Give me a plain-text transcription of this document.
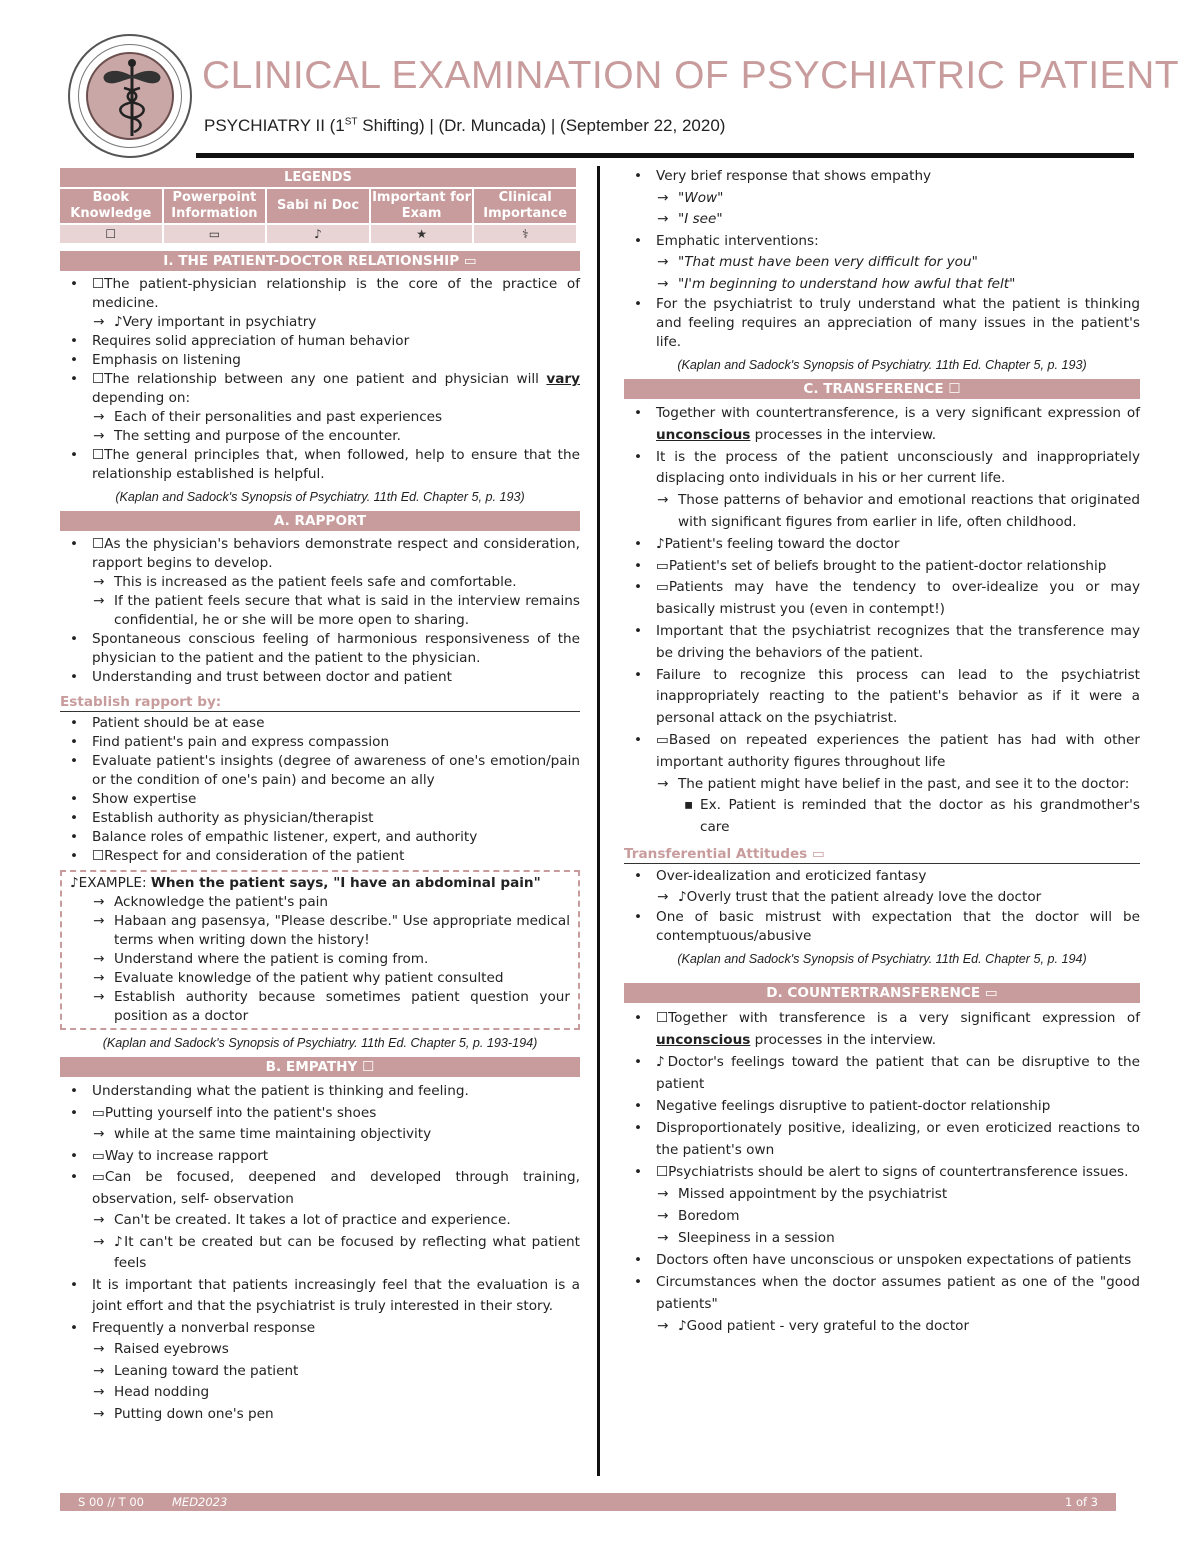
CLINICAL EXAMINATION OF PSYCHIATRIC PATIENT
PSYCHIATRY II (1ST Shifting) | (Dr. Muncada) | (September 22, 2020)
LEGENDS				
Book Knowledge	Powerpoint Information	Sabi ni Doc	Important for Exam	Clinical Importance
☐	▭	♪	★	⚕
I. THE PATIENT-DOCTOR RELATIONSHIP ▭
• ☐The patient-physician relationship is the core of the practice of medicine.
→ ♪Very important in psychiatry
• Requires solid appreciation of human behavior
• Emphasis on listening
• ☐The relationship between any one patient and physician will vary depending on:
→ Each of their personalities and past experiences
→ The setting and purpose of the encounter.
• ☐The general principles that, when followed, help to ensure that the relationship established is helpful.
(Kaplan and Sadock's Synopsis of Psychiatry. 11th Ed. Chapter 5, p. 193)
A. RAPPORT
• ☐As the physician's behaviors demonstrate respect and consideration, rapport begins to develop.
→ This is increased as the patient feels safe and comfortable.
→ If the patient feels secure that what is said in the interview remains confidential, he or she will be more open to sharing.
• Spontaneous conscious feeling of harmonious responsiveness of the physician to the patient and the patient to the physician.
• Understanding and trust between doctor and patient
Establish rapport by:
• Patient should be at ease
• Find patient's pain and express compassion
• Evaluate patient's insights (degree of awareness of one's emotion/pain or the condition of one's pain) and become an ally
• Show expertise
• Establish authority as physician/therapist
• Balance roles of empathic listener, expert, and authority
• ☐Respect for and consideration of the patient
♪EXAMPLE: When the patient says, "I have an abdominal pain"
→ Acknowledge the patient's pain
→ Habaan ang pasensya, "Please describe." Use appropriate medical terms when writing down the history!
→ Understand where the patient is coming from.
→ Evaluate knowledge of the patient why patient consulted
→ Establish authority because sometimes patient question your position as a doctor
(Kaplan and Sadock's Synopsis of Psychiatry. 11th Ed. Chapter 5, p. 193-194)
B. EMPATHY ☐
• Understanding what the patient is thinking and feeling.
• ▭Putting yourself into the patient's shoes
→ while at the same time maintaining objectivity
• ▭Way to increase rapport
• ▭Can be focused, deepened and developed through training, observation, self- observation
→ Can't be created. It takes a lot of practice and experience.
→ ♪It can't be created but can be focused by reflecting what patient feels
• It is important that patients increasingly feel that the evaluation is a joint effort and that the psychiatrist is truly interested in their story.
• Frequently a nonverbal response
→ Raised eyebrows
→ Leaning toward the patient
→ Head nodding
→ Putting down one's pen
• Very brief response that shows empathy
→ "Wow"
→ "I see"
• Emphatic interventions:
→ "That must have been very difficult for you"
→ "I'm beginning to understand how awful that felt"
• For the psychiatrist to truly understand what the patient is thinking and feeling requires an appreciation of many issues in the patient's life.
(Kaplan and Sadock's Synopsis of Psychiatry. 11th Ed. Chapter 5, p. 193)
C. TRANSFERENCE ☐
• Together with countertransference, is a very significant expression of unconscious processes in the interview.
• It is the process of the patient unconsciously and inappropriately displacing onto individuals in his or her current life.
→ Those patterns of behavior and emotional reactions that originated with significant figures from earlier in life, often childhood.
• ♪Patient's feeling toward the doctor
• ▭Patient's set of beliefs brought to the patient-doctor relationship
• ▭Patients may have the tendency to over-idealize you or may basically mistrust you (even in contempt!)
• Important that the psychiatrist recognizes that the transference may be driving the behaviors of the patient.
• Failure to recognize this process can lead to the psychiatrist inappropriately reacting to the patient's behavior as if it were a personal attack on the psychiatrist.
• ▭Based on repeated experiences the patient has had with other important authority figures throughout life
→ The patient might have belief in the past, and see it to the doctor:
▪ Ex. Patient is reminded that the doctor as his grandmother's care
Transferential Attitudes ▭
• Over-idealization and eroticized fantasy
→ ♪Overly trust that the patient already love the doctor
• One of basic mistrust with expectation that the doctor will be contemptuous/abusive
(Kaplan and Sadock's Synopsis of Psychiatry. 11th Ed. Chapter 5, p. 194)
D. COUNTERTRANSFERENCE ▭
• ☐Together with transference is a very significant expression of unconscious processes in the interview.
• ♪Doctor's feelings toward the patient that can be disruptive to the patient
• Negative feelings disruptive to patient-doctor relationship
• Disproportionately positive, idealizing, or even eroticized reactions to the patient's own
• ☐Psychiatrists should be alert to signs of countertransference issues.
→ Missed appointment by the psychiatrist
→ Boredom
→ Sleepiness in a session
• Doctors often have unconscious or unspoken expectations of patients
• Circumstances when the doctor assumes patient as one of the "good patients"
→ ♪Good patient - very grateful to the doctor
S 00 // T 00 MED2023	1 of 3
